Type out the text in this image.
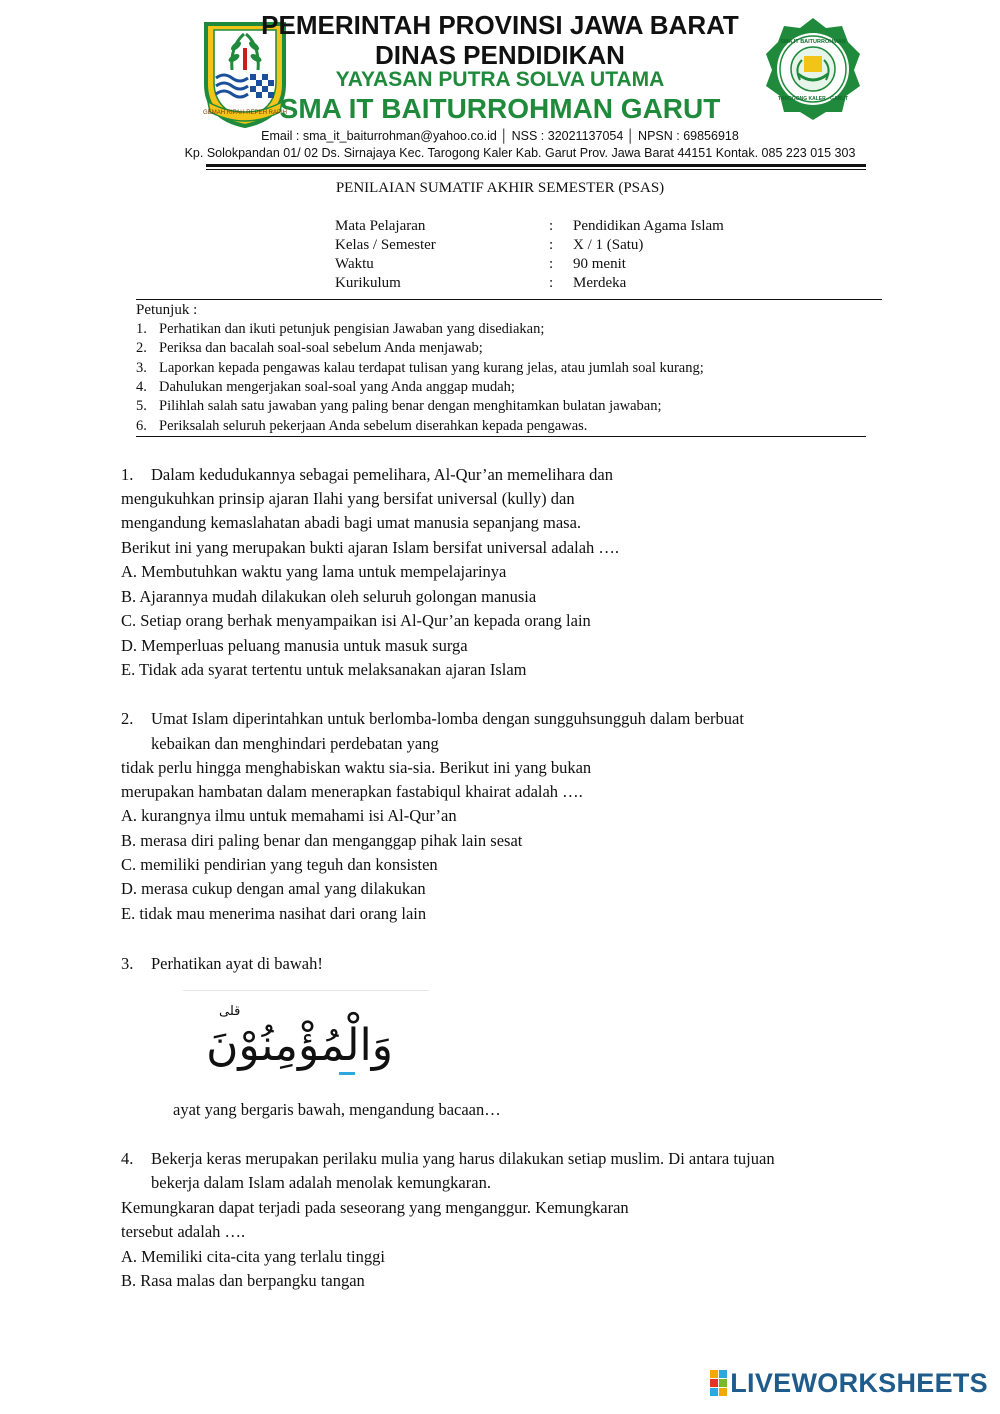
GEMAH RIPAH REPEH RAPIH
PEMERINTAH PROVINSI JAWA BARAT
DINAS PENDIDIKAN
YAYASAN PUTRA SOLVA UTAMA
SMA IT BAITURROHMAN GARUT
Email : sma_it_baiturrohman@yahoo.co.id │ NSS : 32021137054 │ NPSN : 69856918
Kp. Solokpandan 01/ 02 Ds. Sirnajaya Kec. Tarogong Kaler Kab. Garut Prov. Jawa Barat 44151 Kontak. 085 223 015 303
SMA IT BAITURROHMAN
TAROGONG KALER - GARUT
PENILAIAN SUMATIF AKHIR SEMESTER (PSAS)
Mata Pelajaran	: Pendidikan Agama Islam
Kelas / Semester	: X / 1 (Satu)
Waktu	: 90 menit
Kurikulum	: Merdeka
Petunjuk :
1. Perhatikan dan ikuti petunjuk pengisian Jawaban yang disediakan;
2. Periksa dan bacalah soal-soal sebelum Anda menjawab;
3. Laporkan kepada pengawas kalau terdapat tulisan yang kurang jelas, atau jumlah soal kurang;
4. Dahulukan mengerjakan soal-soal yang Anda anggap mudah;
5. Pilihlah salah satu jawaban yang paling benar dengan menghitamkan bulatan jawaban;
6. Periksalah seluruh pekerjaan Anda sebelum diserahkan kepada pengawas.
1. Dalam kedudukannya sebagai pemelihara, Al-Qur’an memelihara dan
mengukuhkan prinsip ajaran Ilahi yang bersifat universal (kully) dan
mengandung kemaslahatan abadi bagi umat manusia sepanjang masa.
Berikut ini yang merupakan bukti ajaran Islam bersifat universal adalah ….
A. Membutuhkan waktu yang lama untuk mempelajarinya
B. Ajarannya mudah dilakukan oleh seluruh golongan manusia
C. Setiap orang berhak menyampaikan isi Al-Qur’an kepada orang lain
D. Memperluas peluang manusia untuk masuk surga
E. Tidak ada syarat tertentu untuk melaksanakan ajaran Islam
2. Umat Islam diperintahkan untuk berlomba-lomba dengan sungguhsungguh dalam berbuat
kebaikan dan menghindari perdebatan yang
tidak perlu hingga menghabiskan waktu sia-sia. Berikut ini yang bukan
merupakan hambatan dalam menerapkan fastabiqul khairat adalah ….
A. kurangnya ilmu untuk memahami isi Al-Qur’an
B. merasa diri paling benar dan menganggap pihak lain sesat
C. memiliki pendirian yang teguh dan konsisten
D. merasa cukup dengan amal yang dilakukan
E. tidak mau menerima nasihat dari orang lain
3. Perhatikan ayat di bawah!
قلى
وَالْمُؤْمِنُوْنَ
ayat yang bergaris bawah, mengandung bacaan…
4. Bekerja keras merupakan perilaku mulia yang harus dilakukan setiap muslim. Di antara tujuan
bekerja dalam Islam adalah menolak kemungkaran.
Kemungkaran dapat terjadi pada seseorang yang menganggur. Kemungkaran
tersebut adalah ….
A. Memiliki cita-cita yang terlalu tinggi
B. Rasa malas dan berpangku tangan
LIVEWORKSHEETS
